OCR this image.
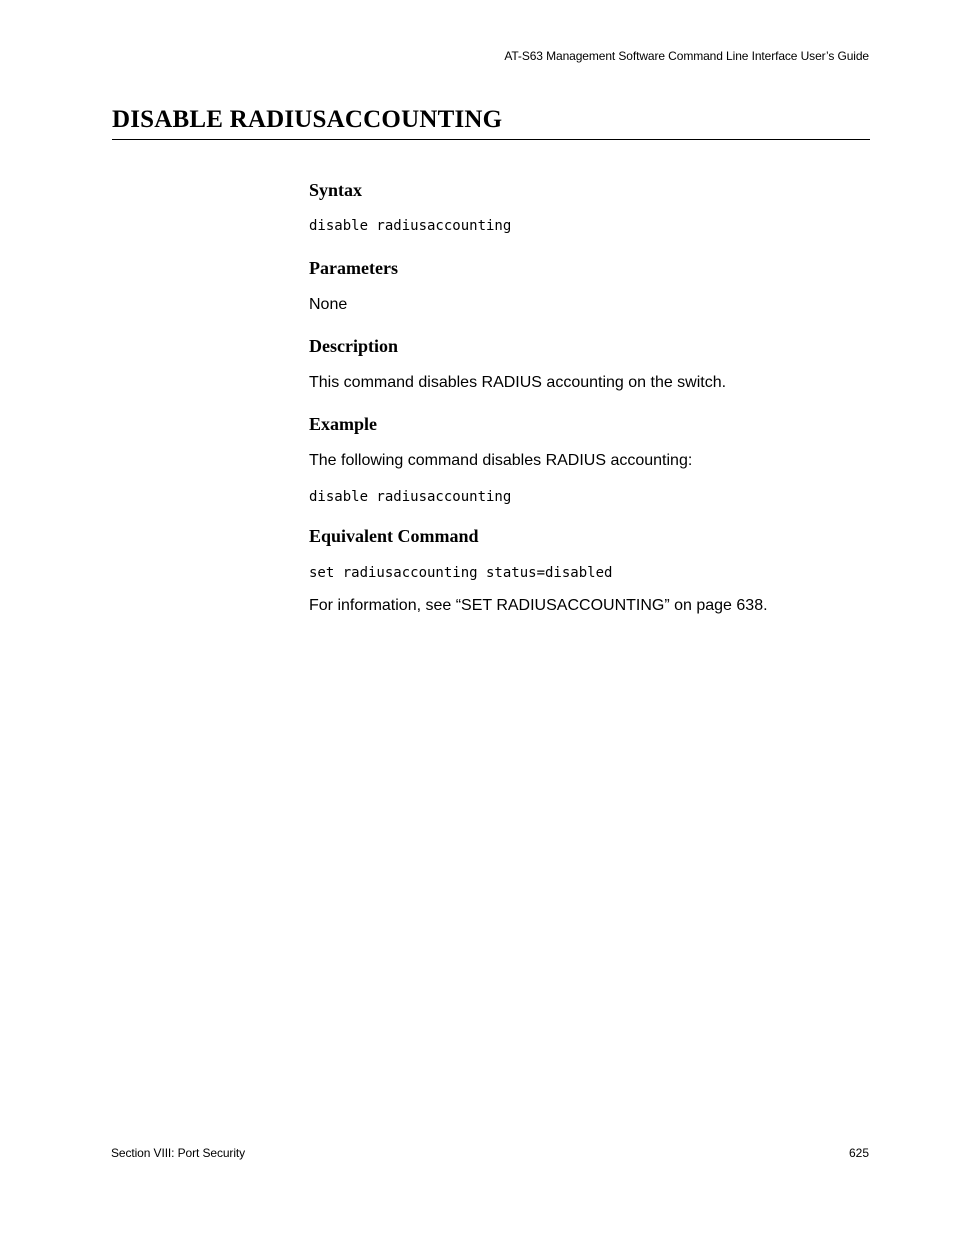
AT-S63 Management Software Command Line Interface User’s Guide
DISABLE RADIUSACCOUNTING
Syntax
disable radiusaccounting
Parameters

None

Description

This command disables RADIUS accounting on the switch.

Example

The following command disables RADIUS accounting:

disable radiusaccounting
Equivalent Command
set radiusaccounting status=disabled

For information, see “SET RADIUSACCOUNTING” on page 638.

Section VIII: Port Security	625
